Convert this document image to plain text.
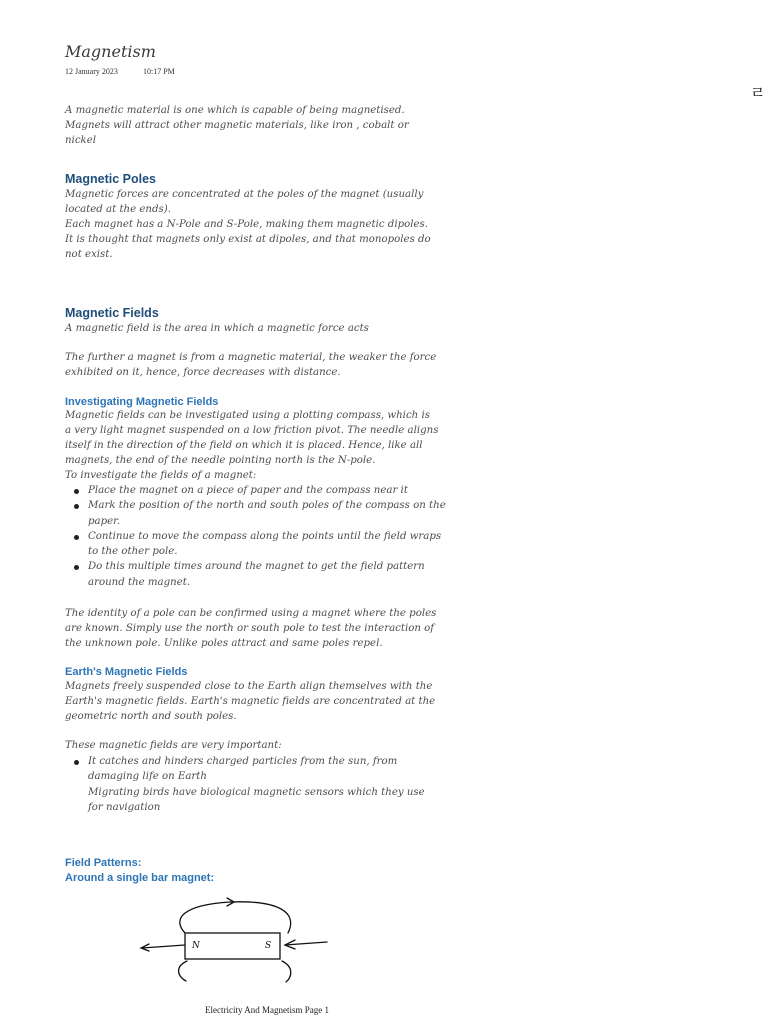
Magnetism
12 January 2023	10:17 PM
ㄹ
A magnetic material is one which is capable of being magnetised.
Magnets will attract other magnetic materials, like iron , cobalt or
nickel
Magnetic Poles
Magnetic forces are concentrated at the poles of the magnet (usually
located at the ends).
Each magnet has a N-Pole and S-Pole, making them magnetic dipoles.
It is thought that magnets only exist at dipoles, and that monopoles do
not exist.
Magnetic Fields
A magnetic field is the area in which a magnetic force acts
The further a magnet is from a magnetic material, the weaker the force
exhibited on it, hence, force decreases with distance.
Investigating Magnetic Fields
Magnetic fields can be investigated using a plotting compass, which is
a very light magnet suspended on a low friction pivot. The needle aligns
itself in the direction of the field on which it is placed. Hence, like all
magnets, the end of the needle pointing north is the N-pole.
To investigate the fields of a magnet:
Place the magnet on a piece of paper and the compass near it
Mark the position of the north and south poles of the compass on the
paper.
Continue to move the compass along the points until the field wraps
to the other pole.
Do this multiple times around the magnet to get the field pattern
around the magnet.
The identity of a pole can be confirmed using a magnet where the poles
are known. Simply use the north or south pole to test the interaction of
the unknown pole. Unlike poles attract and same poles repel.
Earth's Magnetic Fields
Magnets freely suspended close to the Earth align themselves with the
Earth's magnetic fields. Earth's magnetic fields are concentrated at the
geometric north and south poles.
These magnetic fields are very important:
It catches and hinders charged particles from the sun, from
damaging life on Earth
Migrating birds have biological magnetic sensors which they use
for navigation
Field Patterns:
Around a single bar magnet:
N	S
Electricity And Magnetism Page 1
